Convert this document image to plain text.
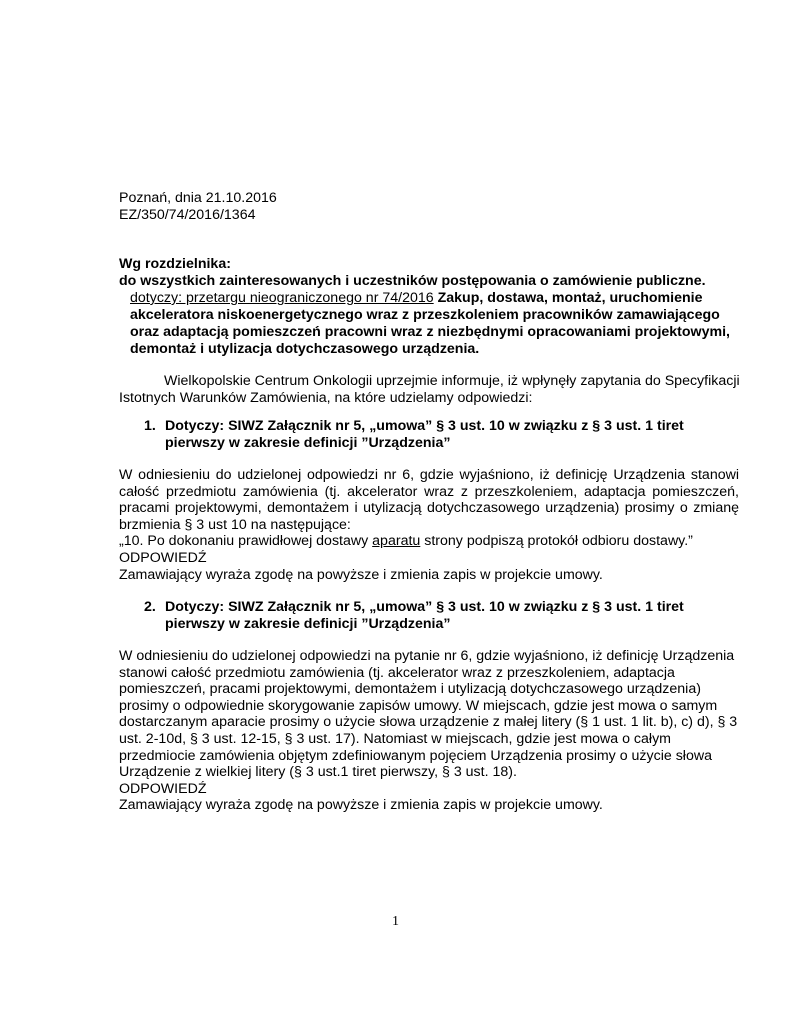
Poznań, dnia 21.10.2016
EZ/350/74/2016/1364
Wg rozdzielnika:
do wszystkich zainteresowanych i uczestników postępowania o zamówienie publiczne.
dotyczy: przetargu nieograniczonego nr 74/2016 Zakup, dostawa, montaż, uruchomienie
akceleratora niskoenergetycznego wraz z przeszkoleniem pracowników zamawiającego
oraz adaptacją pomieszczeń pracowni wraz z niezbędnymi opracowaniami projektowymi,
demontaż i utylizacja dotychczasowego urządzenia.
Wielkopolskie Centrum Onkologii uprzejmie informuje, iż wpłynęły zapytania do Specyfikacji
Istotnych Warunków Zamówienia, na które udzielamy odpowiedzi:
1. Dotyczy: SIWZ Załącznik nr 5, „umowa” § 3 ust. 10 w związku z § 3 ust. 1 tiret
pierwszy w zakresie definicji ”Urządzenia”
W odniesieniu do udzielonej odpowiedzi nr 6, gdzie wyjaśniono, iż definicję Urządzenia stanowi
całość przedmiotu zamówienia (tj. akcelerator wraz z przeszkoleniem, adaptacja pomieszczeń,
pracami projektowymi, demontażem i utylizacją dotychczasowego urządzenia) prosimy o zmianę
brzmienia § 3 ust 10 na następujące:
„10. Po dokonaniu prawidłowej dostawy aparatu strony podpiszą protokół odbioru dostawy.”
ODPOWIEDŹ
Zamawiający wyraża zgodę na powyższe i zmienia zapis w projekcie umowy.
2. Dotyczy: SIWZ Załącznik nr 5, „umowa” § 3 ust. 10 w związku z § 3 ust. 1 tiret
pierwszy w zakresie definicji ”Urządzenia”
W odniesieniu do udzielonej odpowiedzi na pytanie nr 6, gdzie wyjaśniono, iż definicję Urządzenia
stanowi całość przedmiotu zamówienia (tj. akcelerator wraz z przeszkoleniem, adaptacja
pomieszczeń, pracami projektowymi, demontażem i utylizacją dotychczasowego urządzenia)
prosimy o odpowiednie skorygowanie zapisów umowy. W miejscach, gdzie jest mowa o samym
dostarczanym aparacie prosimy o użycie słowa urządzenie z małej litery (§ 1 ust. 1 lit. b), c) d), § 3
ust. 2-10d, § 3 ust. 12-15, § 3 ust. 17). Natomiast w miejscach, gdzie jest mowa o całym
przedmiocie zamówienia objętym zdefiniowanym pojęciem Urządzenia prosimy o użycie słowa
Urządzenie z wielkiej litery (§ 3 ust.1 tiret pierwszy, § 3 ust. 18).
ODPOWIEDŹ
Zamawiający wyraża zgodę na powyższe i zmienia zapis w projekcie umowy.
1
